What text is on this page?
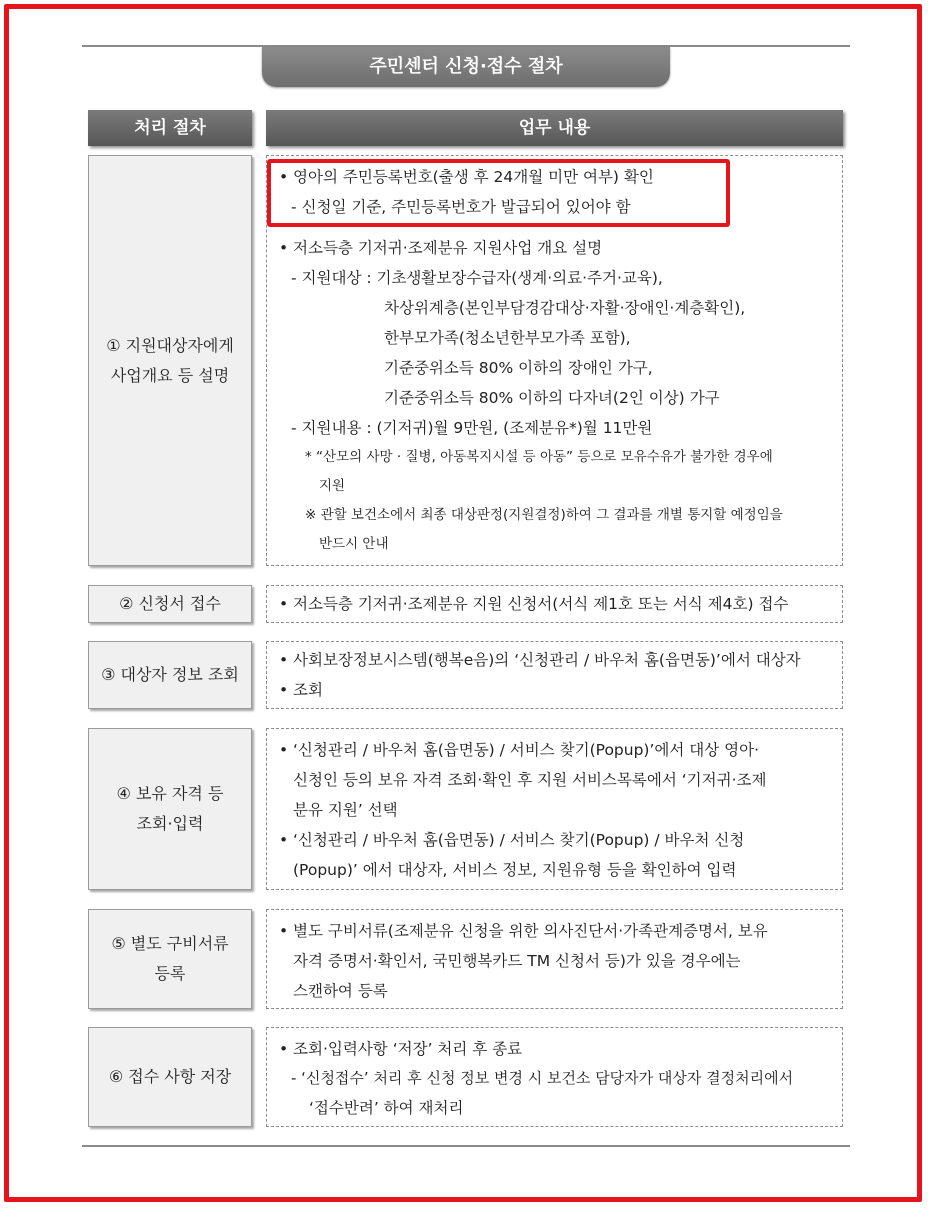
주민센터 신청·접수 절차
처리 절차	업무 내용
① 지원대상자에게
사업개요 등 설명
• 영아의 주민등록번호(출생 후 24개월 미만 여부) 확인
- 신청일 기준, 주민등록번호가 발급되어 있어야 함
• 저소득층 기저귀·조제분유 지원사업 개요 설명
- 지원대상 : 기초생활보장수급자(생계·의료·주거·교육),
차상위계층(본인부담경감대상·자활·장애인·계층확인),
한부모가족(청소년한부모가족 포함),
기준중위소득 80% 이하의 장애인 가구,
기준중위소득 80% 이하의 다자녀(2인 이상) 가구
- 지원내용 : (기저귀)월 9만원, (조제분유*)월 11만원
* “산모의 사망 · 질병, 아동복지시설 등 아동” 등으로 모유수유가 불가한 경우에
지원
※ 관할 보건소에서 최종 대상판정(지원결정)하여 그 결과를 개별 통지할 예정임을
반드시 안내
② 신청서 접수
•	저소득층 기저귀·조제분유 지원 신청서(서식 제1호 또는 서식 제4호) 접수
③ 대상자 정보 조회
• 사회보장정보시스템(행복e음)의 ‘신청관리 / 바우처 홈(읍면동)’에서 대상자
• 조회
④ 보유 자격 등
조회·입력
• ‘신청관리 / 바우처 홈(읍면동) / 서비스 찾기(Popup)’에서 대상 영아·
신청인 등의 보유 자격 조회·확인 후 지원 서비스목록에서 ‘기저귀·조제
분유 지원’ 선택
• ‘신청관리 / 바우처 홈(읍면동) / 서비스 찾기(Popup) / 바우처 신청
(Popup)’ 에서 대상자, 서비스 정보, 지원유형 등을 확인하여 입력
⑤ 별도 구비서류
등록
• 별도 구비서류(조제분유 신청을 위한 의사진단서·가족관계증명서, 보유
자격 증명서·확인서, 국민행복카드 TM 신청서 등)가 있을 경우에는
스캔하여 등록
⑥ 접수 사항 저장
• 조회·입력사항 ‘저장’ 처리 후 종료
- ‘신청접수’ 처리 후 신청 정보 변경 시 보건소 담당자가 대상자 결정처리에서
‘접수반려’ 하여 재처리
